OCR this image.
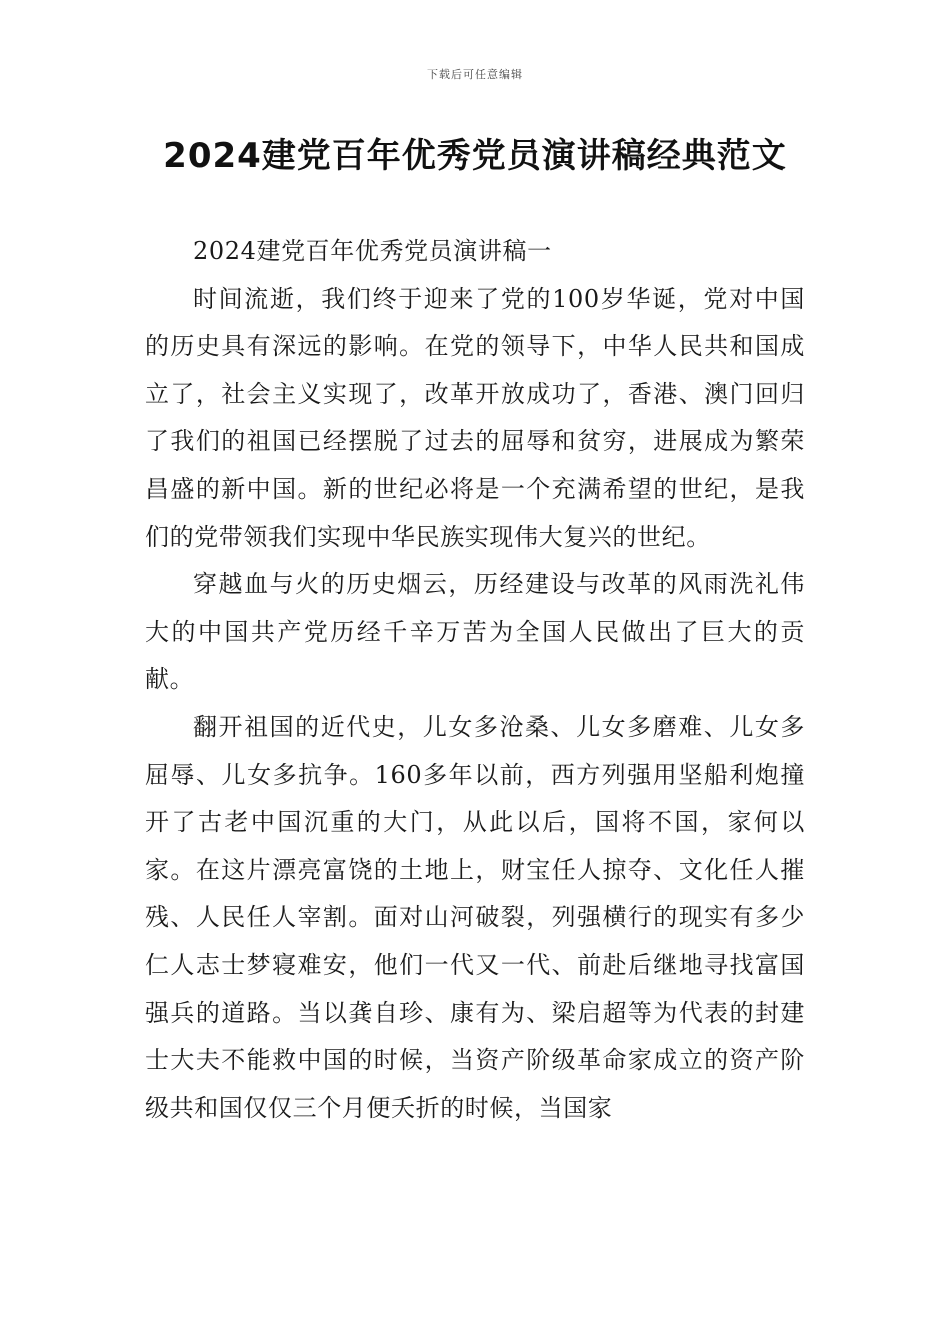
下载后可任意编辑
2024建党百年优秀党员演讲稿经典范文

2024建党百年优秀党员演讲稿一

时间流逝，我们终于迎来了党的100岁华诞，党对中国的历史具有深远的影响。在党的领导下，中华人民共和国成立了，社会主义实现了，改革开放成功了，香港、澳门回归了我们的祖国已经摆脱了过去的屈辱和贫穷，进展成为繁荣昌盛的新中国。新的世纪必将是一个充满希望的世纪，是我们的党带领我们实现中华民族实现伟大复兴的世纪。

穿越血与火的历史烟云，历经建设与改革的风雨洗礼伟大的中国共产党历经千辛万苦为全国人民做出了巨大的贡献。

翻开祖国的近代史，儿女多沧桑、儿女多磨难、儿女多屈辱、儿女多抗争。160多年以前，西方列强用坚船利炮撞开了古老中国沉重的大门，从此以后，国将不国，家何以家。在这片漂亮富饶的土地上，财宝任人掠夺、文化任人摧残、人民任人宰割。面对山河破裂，列强横行的现实有多少仁人志士梦寝难安，他们一代又一代、前赴后继地寻找富国强兵的道路。当以龚自珍、康有为、梁启超等为代表的封建士大夫不能救中国的时候，当资产阶级革命家成立的资产阶级共和国仅仅三个月便夭折的时候，当国家
